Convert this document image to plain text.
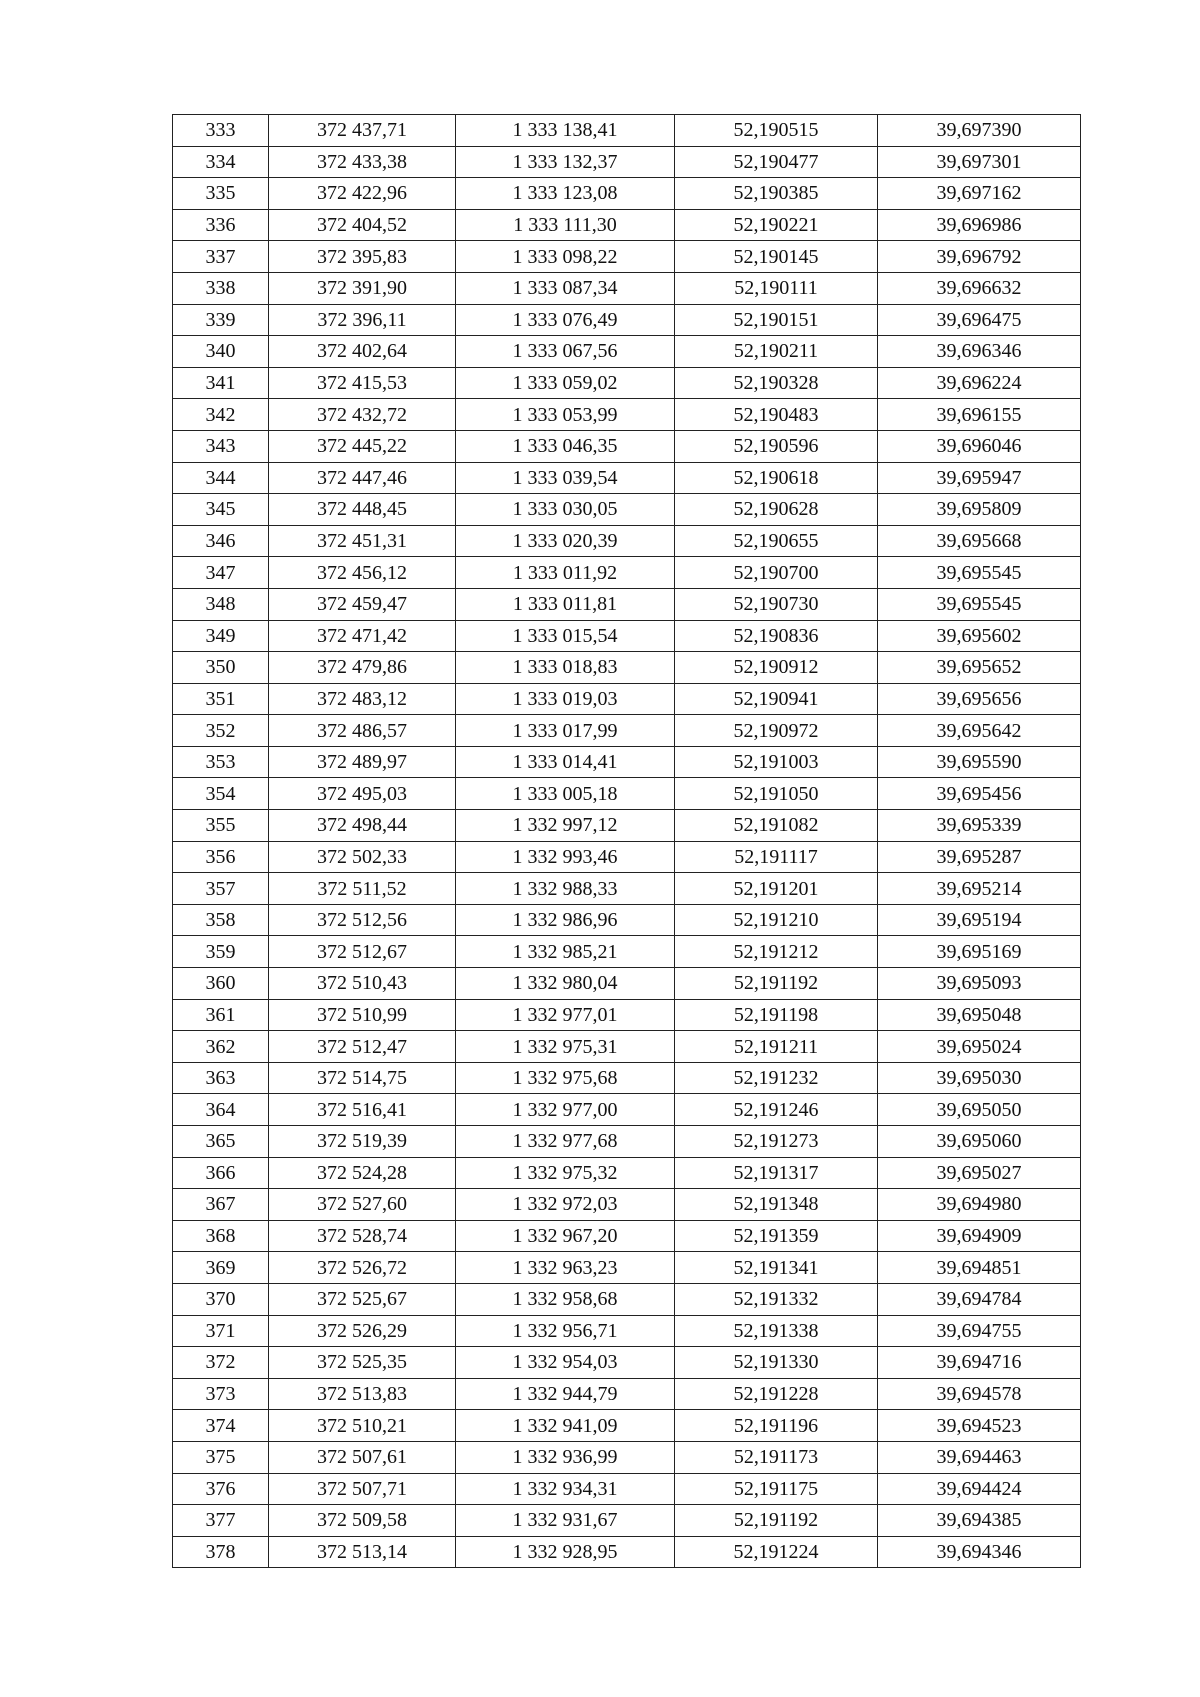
333	372 437,71	1 333 138,41	52,190515	39,697390
334	372 433,38	1 333 132,37	52,190477	39,697301
335	372 422,96	1 333 123,08	52,190385	39,697162
336	372 404,52	1 333 111,30	52,190221	39,696986
337	372 395,83	1 333 098,22	52,190145	39,696792
338	372 391,90	1 333 087,34	52,190111	39,696632
339	372 396,11	1 333 076,49	52,190151	39,696475
340	372 402,64	1 333 067,56	52,190211	39,696346
341	372 415,53	1 333 059,02	52,190328	39,696224
342	372 432,72	1 333 053,99	52,190483	39,696155
343	372 445,22	1 333 046,35	52,190596	39,696046
344	372 447,46	1 333 039,54	52,190618	39,695947
345	372 448,45	1 333 030,05	52,190628	39,695809
346	372 451,31	1 333 020,39	52,190655	39,695668
347	372 456,12	1 333 011,92	52,190700	39,695545
348	372 459,47	1 333 011,81	52,190730	39,695545
349	372 471,42	1 333 015,54	52,190836	39,695602
350	372 479,86	1 333 018,83	52,190912	39,695652
351	372 483,12	1 333 019,03	52,190941	39,695656
352	372 486,57	1 333 017,99	52,190972	39,695642
353	372 489,97	1 333 014,41	52,191003	39,695590
354	372 495,03	1 333 005,18	52,191050	39,695456
355	372 498,44	1 332 997,12	52,191082	39,695339
356	372 502,33	1 332 993,46	52,191117	39,695287
357	372 511,52	1 332 988,33	52,191201	39,695214
358	372 512,56	1 332 986,96	52,191210	39,695194
359	372 512,67	1 332 985,21	52,191212	39,695169
360	372 510,43	1 332 980,04	52,191192	39,695093
361	372 510,99	1 332 977,01	52,191198	39,695048
362	372 512,47	1 332 975,31	52,191211	39,695024
363	372 514,75	1 332 975,68	52,191232	39,695030
364	372 516,41	1 332 977,00	52,191246	39,695050
365	372 519,39	1 332 977,68	52,191273	39,695060
366	372 524,28	1 332 975,32	52,191317	39,695027
367	372 527,60	1 332 972,03	52,191348	39,694980
368	372 528,74	1 332 967,20	52,191359	39,694909
369	372 526,72	1 332 963,23	52,191341	39,694851
370	372 525,67	1 332 958,68	52,191332	39,694784
371	372 526,29	1 332 956,71	52,191338	39,694755
372	372 525,35	1 332 954,03	52,191330	39,694716
373	372 513,83	1 332 944,79	52,191228	39,694578
374	372 510,21	1 332 941,09	52,191196	39,694523
375	372 507,61	1 332 936,99	52,191173	39,694463
376	372 507,71	1 332 934,31	52,191175	39,694424
377	372 509,58	1 332 931,67	52,191192	39,694385
378	372 513,14	1 332 928,95	52,191224	39,694346
